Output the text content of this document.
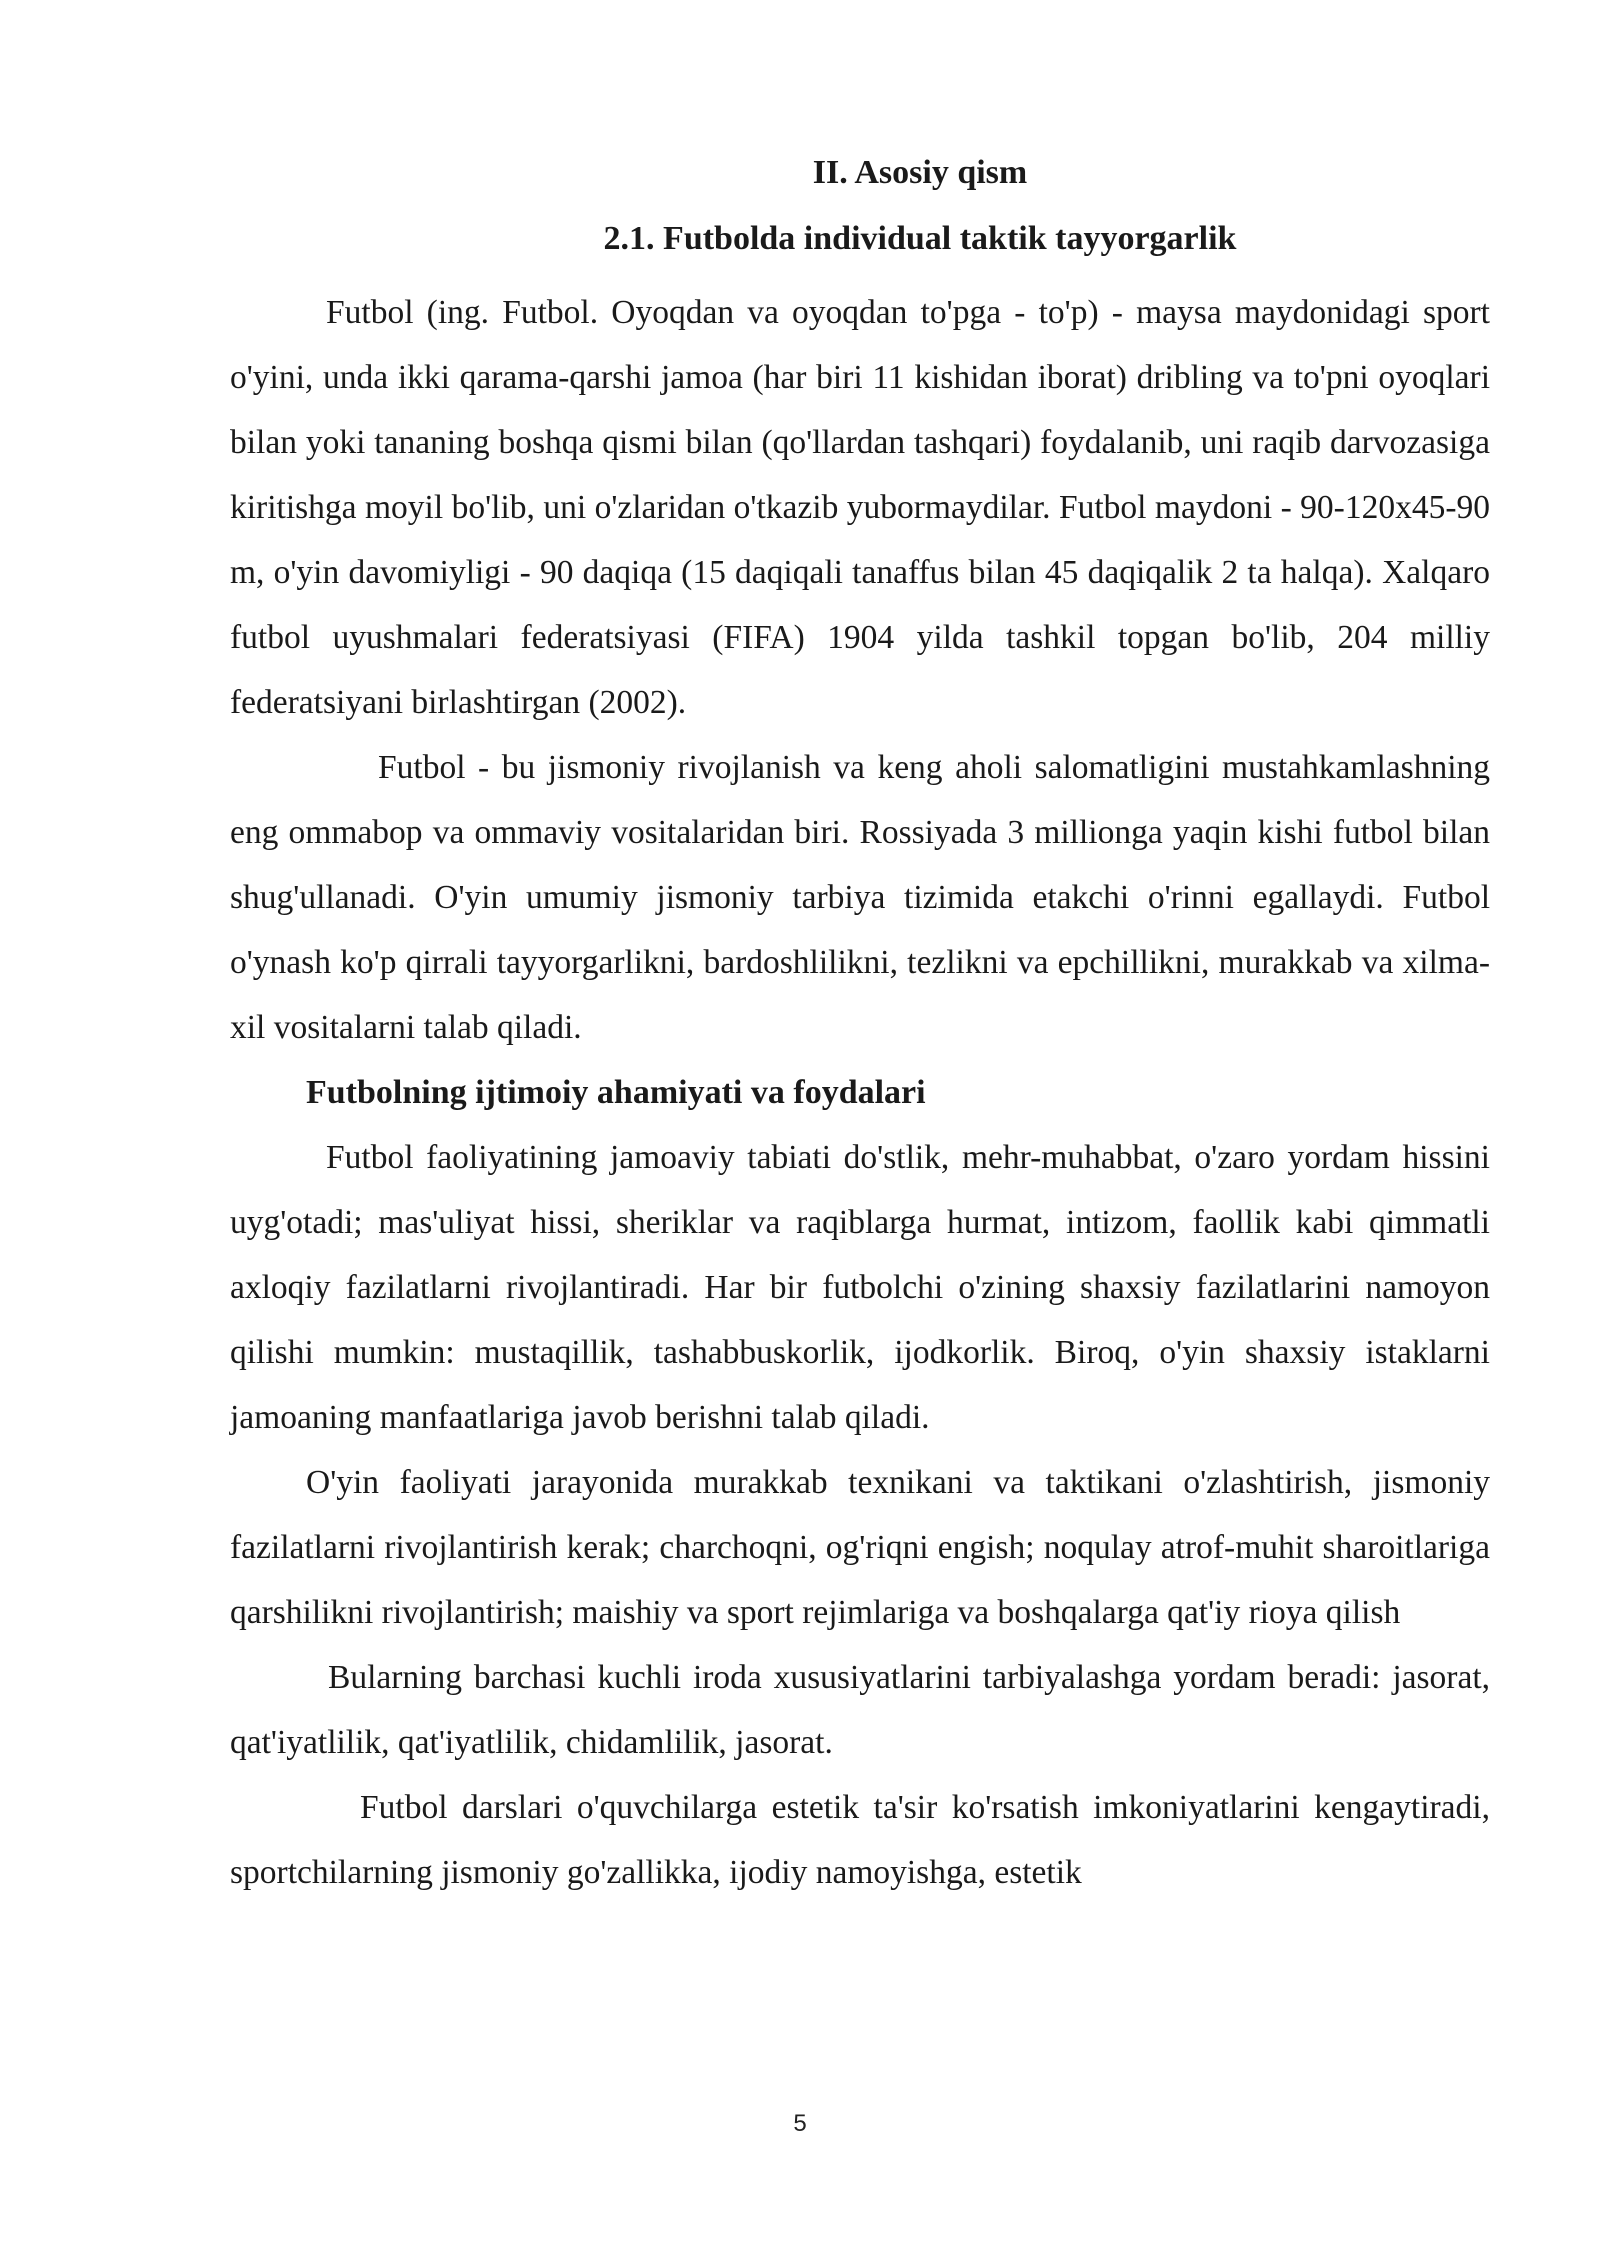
II. Asosiy qism
2.1. Futbolda individual taktik tayyorgarlik

Futbol (ing. Futbol. Oyoqdan va oyoqdan to'pga - to'p) - maysa maydonidagi sport o'yini, unda ikki qarama-qarshi jamoa (har biri 11 kishidan iborat) dribling va to'pni oyoqlari bilan yoki tananing boshqa qismi bilan (qo'llardan tashqari) foydalanib, uni raqib darvozasiga kiritishga moyil bo'lib, uni o'zlaridan o'tkazib yubormaydilar. Futbol maydoni - 90-120x45-90 m, o'yin davomiyligi - 90 daqiqa (15 daqiqali tanaffus bilan 45 daqiqalik 2 ta halqa). Xalqaro futbol uyushmalari federatsiyasi (FIFA) 1904 yilda tashkil topgan bo'lib, 204 milliy federatsiyani birlashtirgan (2002).

Futbol - bu jismoniy rivojlanish va keng aholi salomatligini mustahkamlashning eng ommabop va ommaviy vositalaridan biri. Rossiyada 3 millionga yaqin kishi futbol bilan shug'ullanadi. O'yin umumiy jismoniy tarbiya tizimida etakchi o'rinni egallaydi. Futbol o'ynash ko'p qirrali tayyorgarlikni, bardoshlilikni, tezlikni va epchillikni, murakkab va xilma-xil vositalarni talab qiladi.

Futbolning ijtimoiy ahamiyati va foydalari

Futbol faoliyatining jamoaviy tabiati do'stlik, mehr-muhabbat, o'zaro yordam hissini uyg'otadi; mas'uliyat hissi, sheriklar va raqiblarga hurmat, intizom, faollik kabi qimmatli axloqiy fazilatlarni rivojlantiradi. Har bir futbolchi o'zining shaxsiy fazilatlarini namoyon qilishi mumkin: mustaqillik, tashabbuskorlik, ijodkorlik. Biroq, o'yin shaxsiy istaklarni jamoaning manfaatlariga javob berishni talab qiladi.

O'yin faoliyati jarayonida murakkab texnikani va taktikani o'zlashtirish, jismoniy fazilatlarni rivojlantirish kerak; charchoqni, og'riqni engish; noqulay atrof-muhit sharoitlariga qarshilikni rivojlantirish; maishiy va sport rejimlariga va boshqalarga qat'iy rioya qilish

Bularning barchasi kuchli iroda xususiyatlarini tarbiyalashga yordam beradi: jasorat, qat'iyatlilik, qat'iyatlilik, chidamlilik, jasorat.

Futbol darslari o'quvchilarga estetik ta'sir ko'rsatish imkoniyatlarini kengaytiradi, sportchilarning jismoniy go'zallikka, ijodiy namoyishga, estetik

5
